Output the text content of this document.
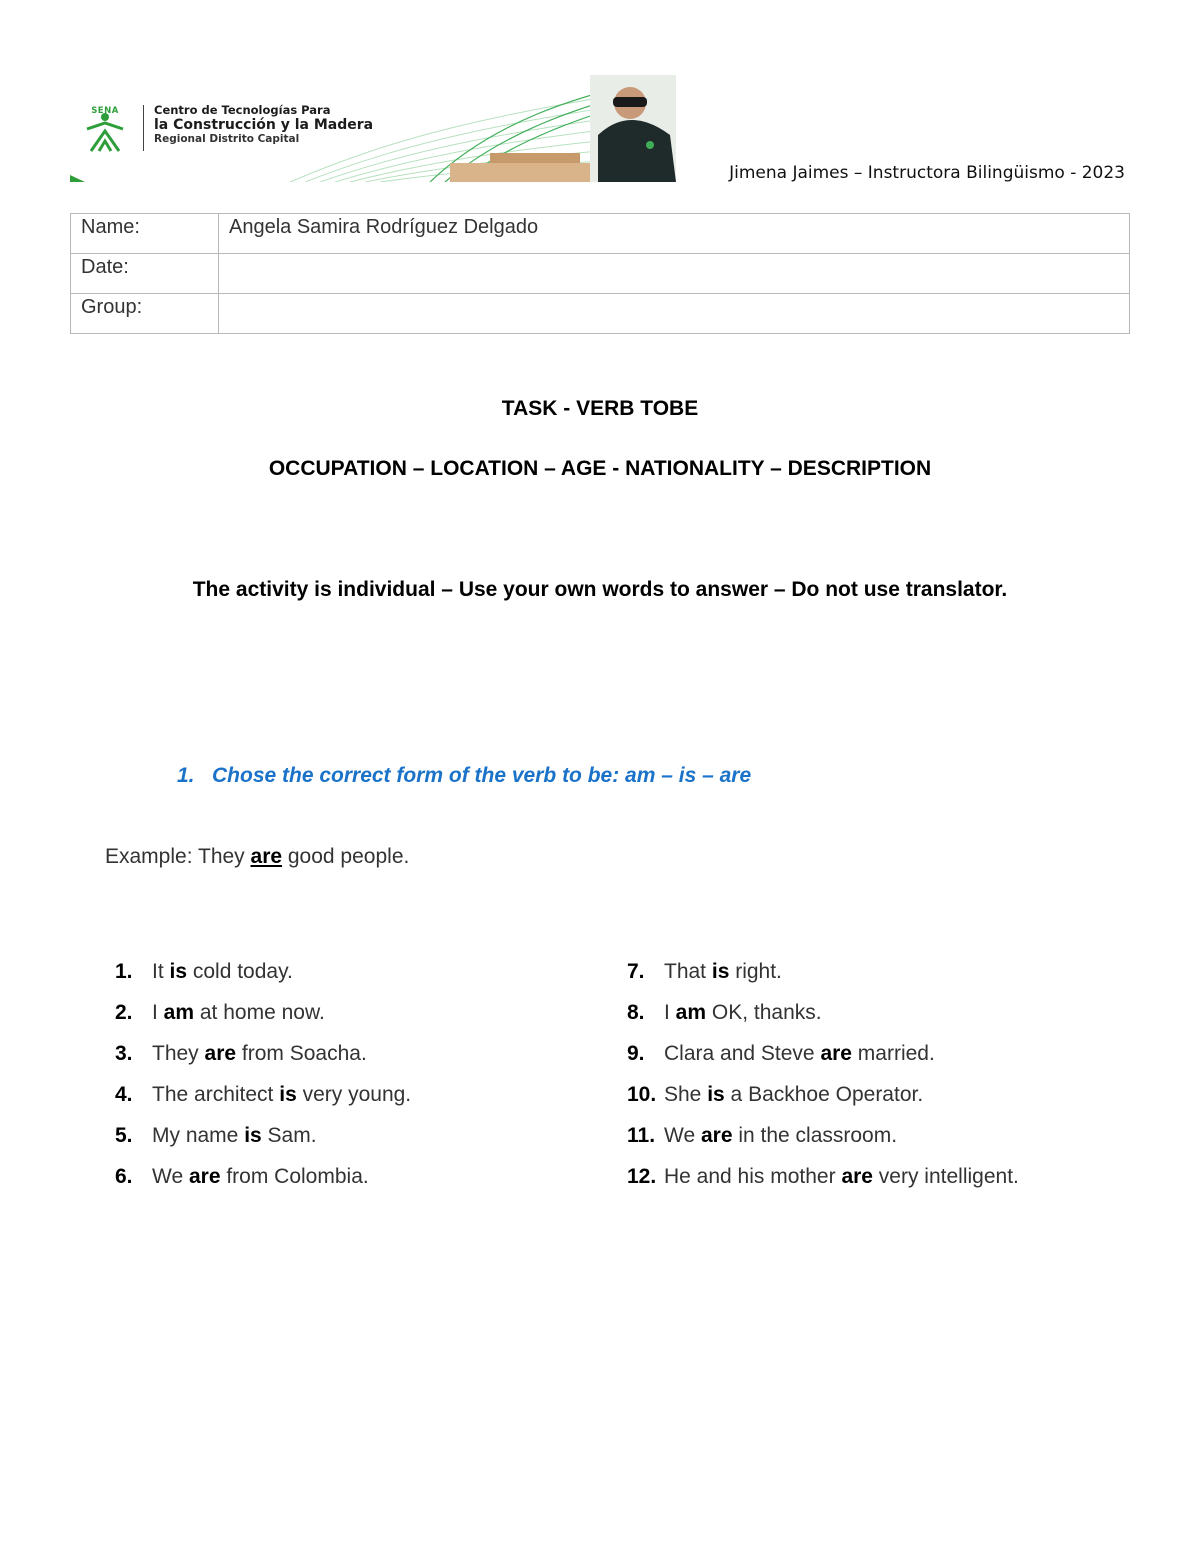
SENA	Centro de Tecnologías Para
la Construcción y la Madera
Regional Distrito Capital
Jimena Jaimes – Instructora Bilingüismo - 2023
Name:	Angela Samira Rodríguez Delgado
Date:	
Group:	
TASK - VERB TOBE
OCCUPATION – LOCATION – AGE - NATIONALITY – DESCRIPTION
The activity is individual – Use your own words to answer – Do not use translator.
1. Chose the correct form of the verb to be: am – is – are
Example: They are good people.
1. It is cold today.
2. I am at home now.
3. They are from Soacha.
4. The architect is very young.
5. My name is Sam.
6. We are from Colombia.
7. That is right.
8. I am OK, thanks.
9. Clara and Steve are married.
10. She is a Backhoe Operator.
11. We are in the classroom.
12. He and his mother are very intelligent.
